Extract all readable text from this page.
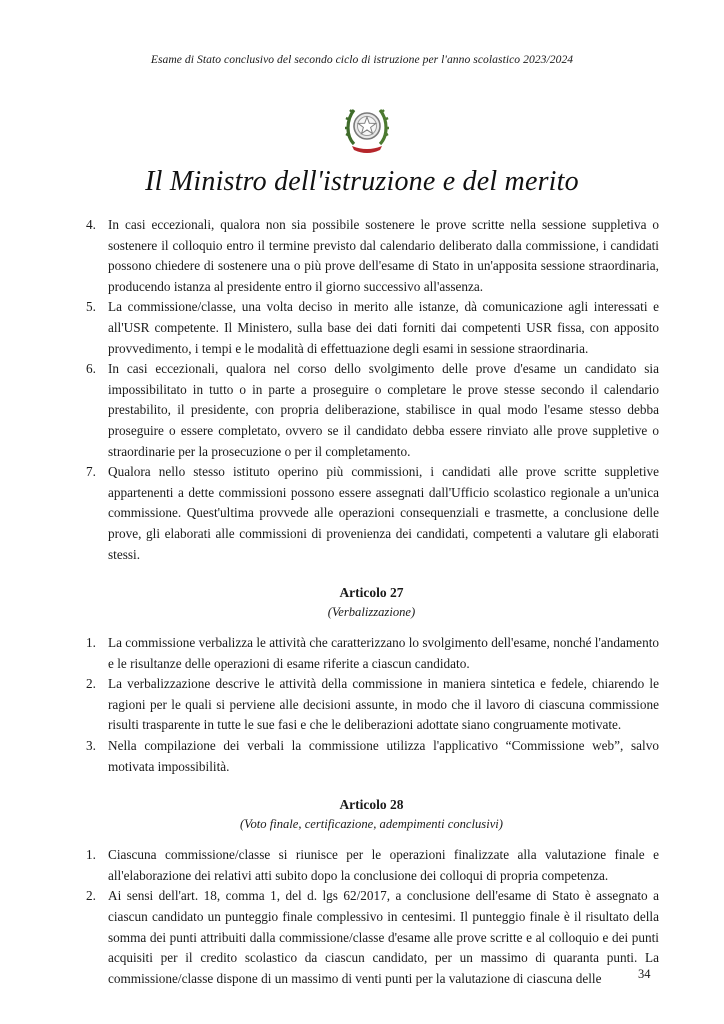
Esame di Stato conclusivo del secondo ciclo di istruzione per l'anno scolastico 2023/2024
Il Ministro dell'istruzione e del merito
4. In casi eccezionali, qualora non sia possibile sostenere le prove scritte nella sessione suppletiva o sostenere il colloquio entro il termine previsto dal calendario deliberato dalla commissione, i candidati possono chiedere di sostenere una o più prove dell'esame di Stato in un'apposita sessione straordinaria, producendo istanza al presidente entro il giorno successivo all'assenza.
5. La commissione/classe, una volta deciso in merito alle istanze, dà comunicazione agli interessati e all'USR competente. Il Ministero, sulla base dei dati forniti dai competenti USR fissa, con apposito provvedimento, i tempi e le modalità di effettuazione degli esami in sessione straordinaria.
6. In casi eccezionali, qualora nel corso dello svolgimento delle prove d'esame un candidato sia impossibilitato in tutto o in parte a proseguire o completare le prove stesse secondo il calendario prestabilito, il presidente, con propria deliberazione, stabilisce in qual modo l'esame stesso debba proseguire o essere completato, ovvero se il candidato debba essere rinviato alle prove suppletive o straordinarie per la prosecuzione o per il completamento.
7. Qualora nello stesso istituto operino più commissioni, i candidati alle prove scritte suppletive appartenenti a dette commissioni possono essere assegnati dall'Ufficio scolastico regionale a un'unica commissione. Quest'ultima provvede alle operazioni consequenziali e trasmette, a conclusione delle prove, gli elaborati alle commissioni di provenienza dei candidati, competenti a valutare gli elaborati stessi.
Articolo 27
(Verbalizzazione)
1. La commissione verbalizza le attività che caratterizzano lo svolgimento dell'esame, nonché l'andamento e le risultanze delle operazioni di esame riferite a ciascun candidato.
2. La verbalizzazione descrive le attività della commissione in maniera sintetica e fedele, chiarendo le ragioni per le quali si perviene alle decisioni assunte, in modo che il lavoro di ciascuna commissione risulti trasparente in tutte le sue fasi e che le deliberazioni adottate siano congruamente motivate.
3. Nella compilazione dei verbali la commissione utilizza l'applicativo “Commissione web”, salvo motivata impossibilità.
Articolo 28
(Voto finale, certificazione, adempimenti conclusivi)
1. Ciascuna commissione/classe si riunisce per le operazioni finalizzate alla valutazione finale e all'elaborazione dei relativi atti subito dopo la conclusione dei colloqui di propria competenza.
2. Ai sensi dell'art. 18, comma 1, del d. lgs 62/2017, a conclusione dell'esame di Stato è assegnato a ciascun candidato un punteggio finale complessivo in centesimi. Il punteggio finale è il risultato della somma dei punti attribuiti dalla commissione/classe d'esame alle prove scritte e al colloquio e dei punti acquisiti per il credito scolastico da ciascun candidato, per un massimo di quaranta punti. La commissione/classe dispone di un massimo di venti punti per la valutazione di ciascuna delle	34
